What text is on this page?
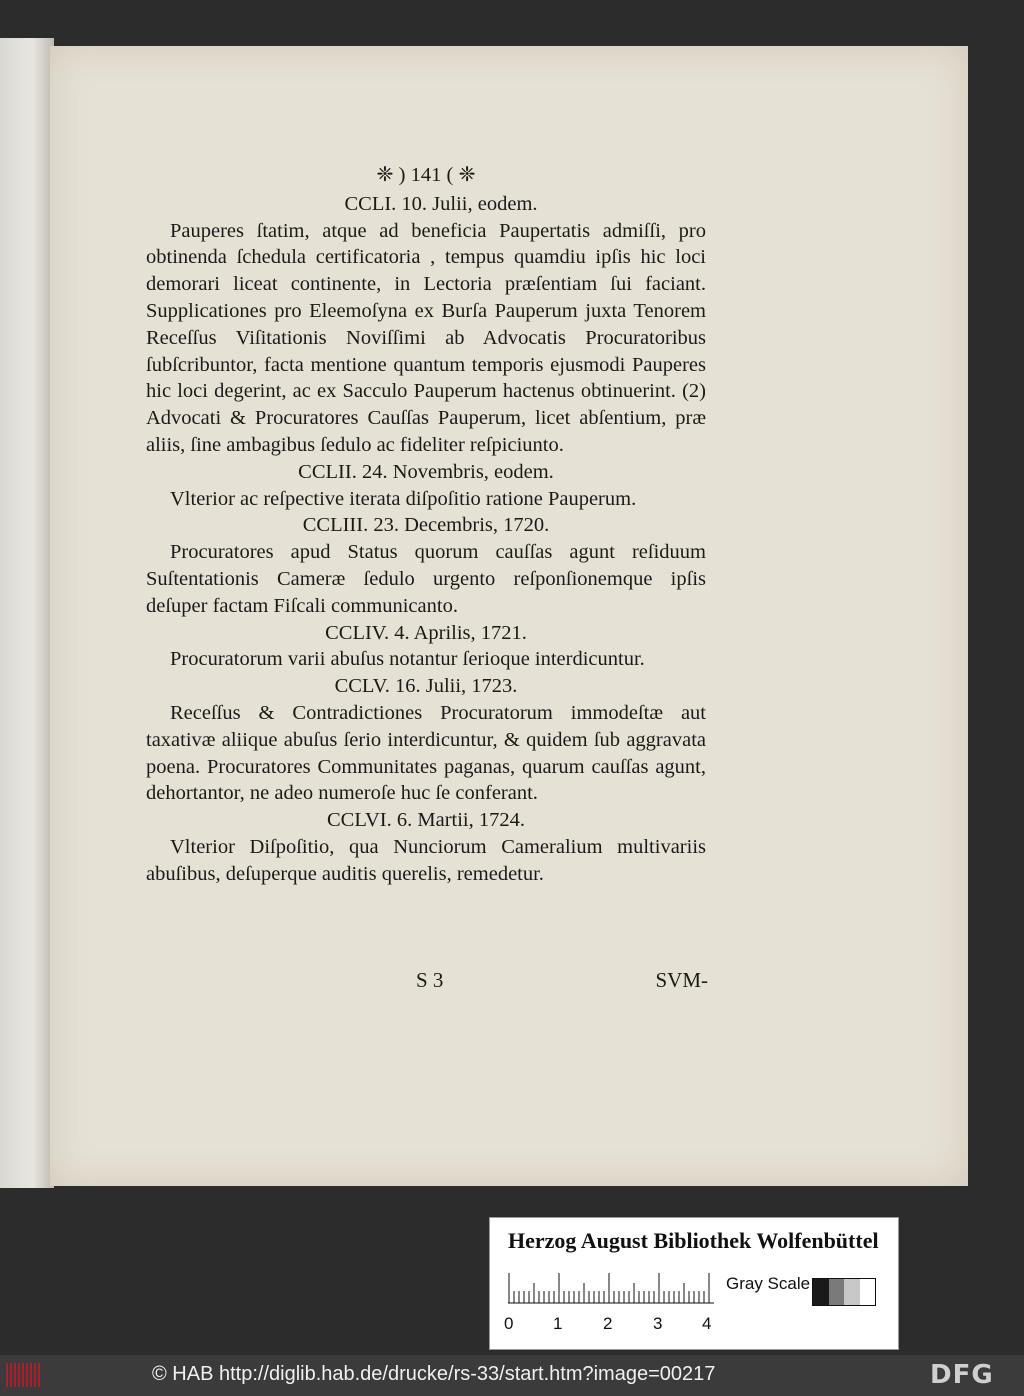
❈ ) 141 ( ❈
CCLI. 10. Julii, eodem.
Pauperes ſtatim, atque ad beneficia Paupertatis admiſſi, pro obtinenda ſchedula certificatoria , tempus quamdiu ipſis hic loci demorari liceat continente, in Lectoria præſentiam ſui faciant. Supplicationes pro Eleemoſyna ex Burſa Pauperum juxta Tenorem Receſſus Viſitationis Noviſſimi ab Advocatis Procuratoribus ſubſcribuntor, facta mentione quantum temporis ejusmodi Pauperes hic loci degerint, ac ex Sacculo Pauperum hactenus obtinuerint. (2) Advocati & Procuratores Cauſſas Pauperum, licet abſentium, præ aliis, ſine ambagibus ſedulo ac fideliter reſpiciunto.
CCLII. 24. Novembris, eodem.
Vlterior ac reſpective iterata diſpoſitio ratione Pauperum.
CCLIII. 23. Decembris, 1720.
Procuratores apud Status quorum cauſſas agunt reſiduum Suſtentationis Cameræ ſedulo urgento reſponſionemque ipſis deſuper factam Fiſcali communicanto.
CCLIV. 4. Aprilis, 1721.
Procuratorum varii abuſus notantur ſerioque interdicuntur.
CCLV. 16. Julii, 1723.
Receſſus & Contradictiones Procuratorum immodeſtæ aut taxativæ aliique abuſus ſerio interdicuntur, & quidem ſub aggravata poena. Procuratores Communitates paganas, quarum cauſſas agunt, dehortantor, ne adeo numeroſe huc ſe conferant.
CCLVI. 6. Martii, 1724.
Vlterior Diſpoſitio, qua Nunciorum Cameralium multivariis abuſibus, deſuperque auditis querelis, remedetur.
S 3	SVM-
Herzog August Bibliothek Wolfenbüttel
Gray Scale
0 1 2 3 4
© HAB http://diglib.hab.de/drucke/rs-33/start.htm?image=00217	DFG
